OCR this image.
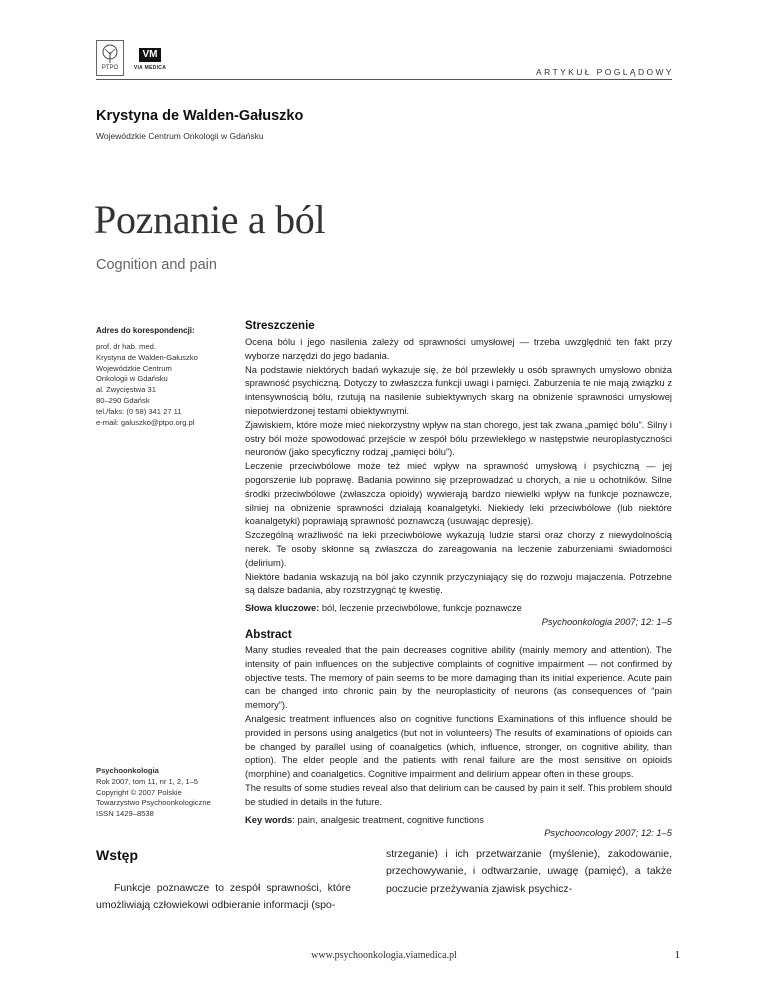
PTPO
VM
VIA MEDICA	ARTYKUŁ POGLĄDOWY
Krystyna de Walden-Gałuszko
Wojewódzkie Centrum Onkologii w Gdańsku
Poznanie a ból
Cognition and pain
Adres do korespondencji:
prof. dr hab. med.
Krystyna de Walden-Gałuszko
Wojewódzkie Centrum
Onkologii w Gdańsku
al. Zwycięstwa 31
80–290 Gdańsk
tel./faks: (0 58) 341 27 11
e-mail: galuszko@ptpo.org.pl
Psychoonkologia
Rok 2007, tom 11, nr 1, 2, 1–5
Copyright © 2007 Polskie
Towarzystwo Psychoonkologiczne
ISSN 1429–8538
Streszczenie

Ocena bólu i jego nasilenia zależy od sprawności umysłowej — trzeba uwzględnić ten fakt przy wyborze narzędzi do jego badania.

Na podstawie niektórych badań wykazuje się, że ból przewlekły u osób sprawnych umysłowo obniża sprawność psychiczną. Dotyczy to zwłaszcza funkcji uwagi i pamięci. Zaburzenia te nie mają związku z intensywnością bólu, rzutują na nasilenie subiektywnych skarg na obniżenie sprawności umysłowej niepotwierdzonej testami obiektywnymi.

Zjawiskiem, które może mieć niekorzystny wpływ na stan chorego, jest tak zwana „pamięć bólu”. Silny i ostry ból może spowodować przejście w zespół bólu przewlekłego w następstwie neuroplastyczności neuronów (jako specyficzny rodzaj „pamięci bólu”).

Leczenie przeciwbólowe może też mieć wpływ na sprawność umysłową i psychiczną — jej pogorszenie lub poprawę. Badania powinno się przeprowadzać u chorych, a nie u ochotników. Silne środki przeciwbólowe (zwłaszcza opioidy) wywierają bardzo niewielki wpływ na funkcje poznawcze, silniej na obniżenie sprawności działają koanalgetyki. Niekiedy leki przeciwbólowe (lub niektóre koanalgetyki) poprawiają sprawność poznawczą (usuwając depresję).

Szczególną wrażliwość na leki przeciwbólowe wykazują ludzie starsi oraz chorzy z niewydolnością nerek. Te osoby skłonne są zwłaszcza do zareagowania na leczenie zaburzeniami świadomości (delirium).

Niektóre badania wskazują na ból jako czynnik przyczyniający się do rozwoju majaczenia. Potrzebne są dalsze badania, aby rozstrzygnąć tę kwestię.

Słowa kluczowe: ból, leczenie przeciwbólowe, funkcje poznawcze
Psychoonkologia 2007; 12: 1–5
Abstract

Many studies revealed that the pain decreases cognitive ability (mainly memory and attention). The intensity of pain influences on the subjective complaints of cognitive impairment — not confirmed by objective tests. The memory of pain seems to be more damaging than its initial experience. Acute pain can be changed into chronic pain by the neuroplasticity of neurons (as consequences of “pain memory”).

Analgesic treatment influences also on cognitive functions Examinations of this influence should be provided in persons using analgetics (but not in volunteers) The results of examinations of opioids can be changed by parallel using of coanalgetics (which, influence, stronger, on cognitive ability, than option). The elder people and the patients with renal failure are the most sensitive on opioids (morphine) and coanalgetics. Cognitive impairment and delirium appear often in these groups.

The results of some studies reveal also that delirium can be caused by pain it self. This problem should be studied in details in the future.

Key words: pain, analgesic treatment, cognitive functions
Psychooncology 2007; 12: 1–5
Wstęp
Funkcje poznawcze to zespół sprawności, które umożliwiają człowiekowi odbieranie informacji (spo-
strzeganie) i ich przetwarzanie (myślenie), zakodowanie, przechowywanie, i odtwarzanie, uwagę (pamięć), a także poczucie przeżywania zjawisk psychicz-
www.psychoonkologia.viamedica.pl	1
